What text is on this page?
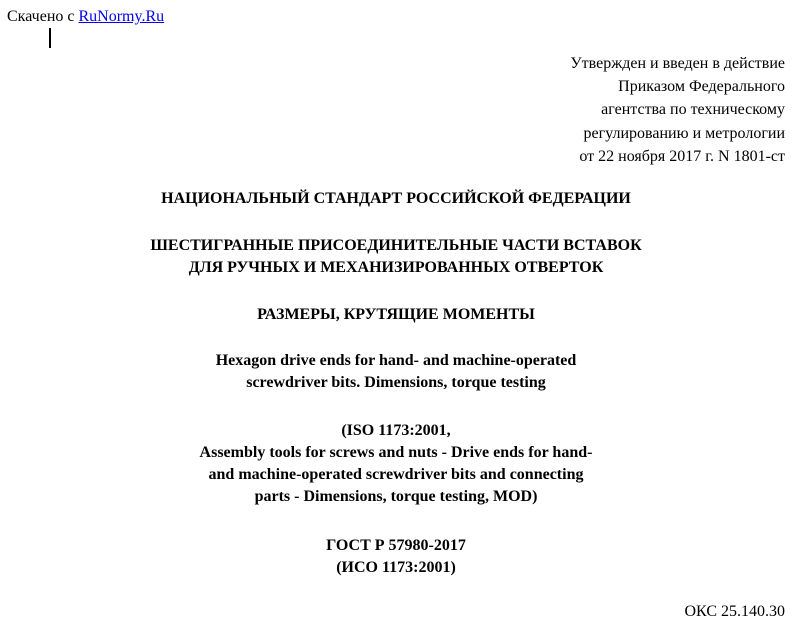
Скачено с RuNormy.Ru
Утвержден и введен в действие
Приказом Федерального
агентства по техническому
регулированию и метрологии
от 22 ноября 2017 г. N 1801-ст
НАЦИОНАЛЬНЫЙ СТАНДАРТ РОССИЙСКОЙ ФЕДЕРАЦИИ
ШЕСТИГРАННЫЕ ПРИСОЕДИНИТЕЛЬНЫЕ ЧАСТИ ВСТАВОК
ДЛЯ РУЧНЫХ И МЕХАНИЗИРОВАННЫХ ОТВЕРТОК
РАЗМЕРЫ, КРУТЯЩИЕ МОМЕНТЫ
Hexagon drive ends for hand- and machine-operated
screwdriver bits. Dimensions, torque testing
(ISO 1173:2001,
Assembly tools for screws and nuts - Drive ends for hand-
and machine-operated screwdriver bits and connecting
parts - Dimensions, torque testing, MOD)
ГОСТ Р 57980-2017
(ИСО 1173:2001)
ОКС 25.140.30
